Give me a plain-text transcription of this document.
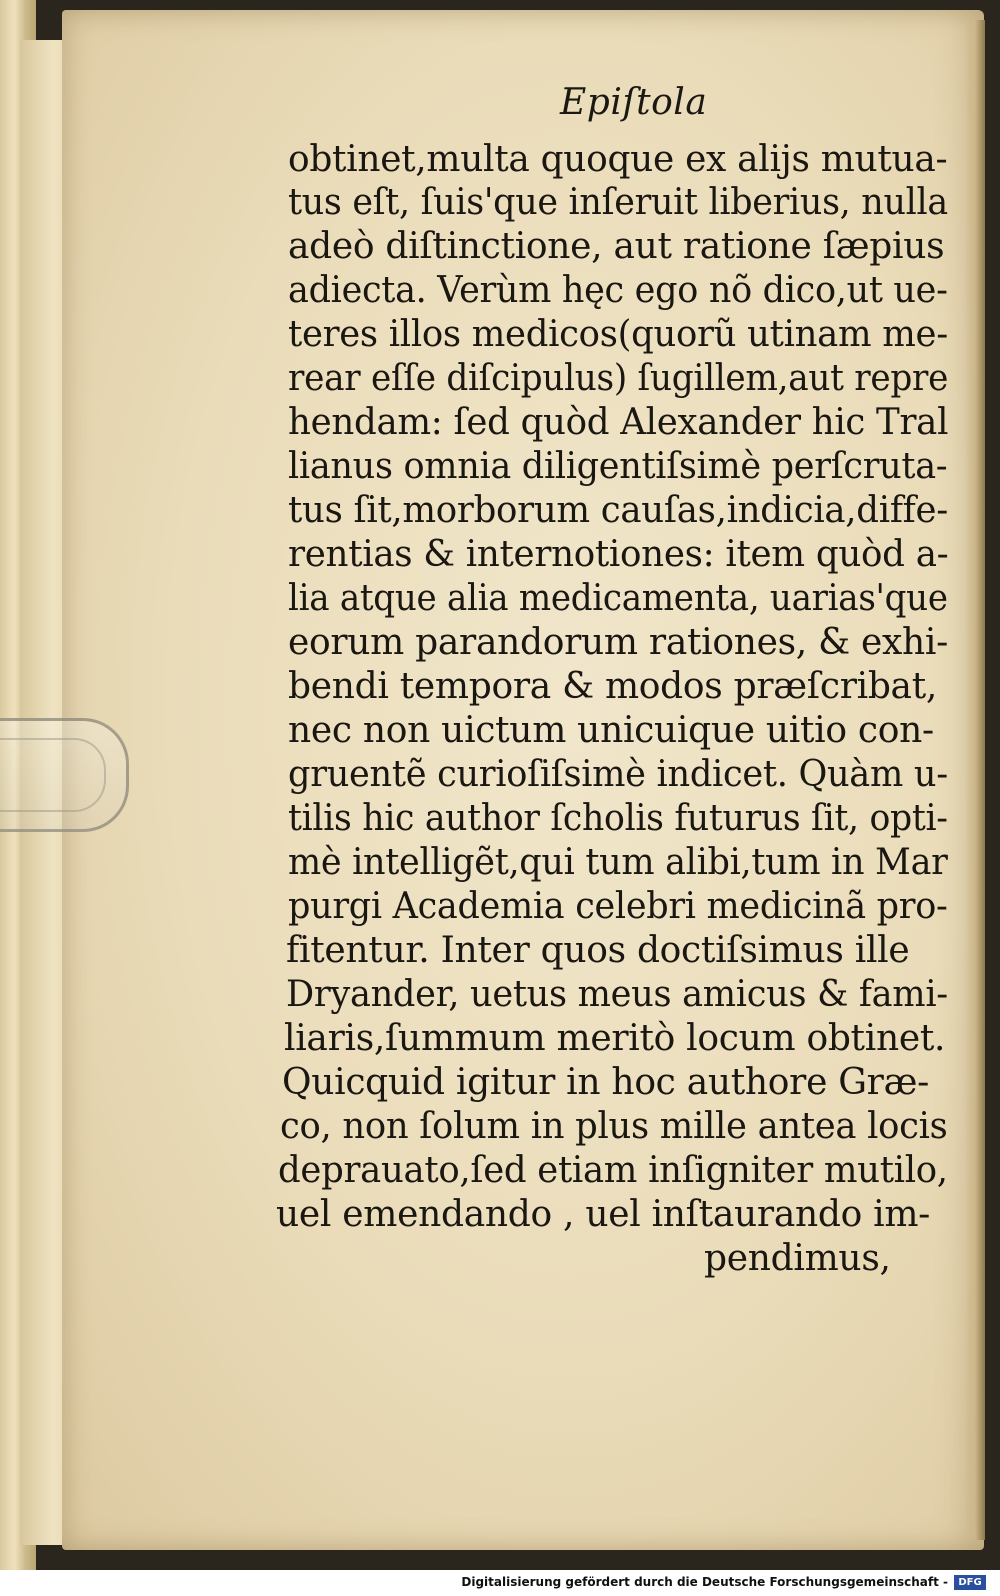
Epiſtola
obtinet,multa quoque ex alijs mutua-
tus eſt, ſuis'que inſeruit liberius, nulla
adeò diſtinctione, aut ratione ſæpius
adiecta. Verùm hęc ego nõ dico,ut ue-
teres illos medicos(quorũ utinam me-
rear eſſe diſcipulus) ſugillem,aut repre
hendam: ſed quòd Alexander hic Tral
lianus omnia diligentiſsimè perſcruta-
tus ſit,morborum cauſas,indicia,diffe-
rentias & internotiones: item quòd a-
lia atque alia medicamenta, uarias'que
eorum parandorum rationes, & exhi-
bendi tempora & modos præſcribat,
nec non uictum unicuique uitio con-
gruentẽ curioſiſsimè indicet. Quàm u-
tilis hic author ſcholis futurus ſit, opti-
mè intelligẽt,qui tum alibi,tum in Mar
purgi Academia celebri medicinã pro-
fitentur. Inter quos doctiſsimus ille
Dryander, uetus meus amicus & fami-
liaris,ſummum meritò locum obtinet.
Quicquid igitur in hoc authore Græ-
co, non ſolum in plus mille antea locis
deprauato,ſed etiam inſigniter mutilo,
uel emendando , uel inſtaurando im-
pendimus,
Digitalisierung gefördert durch die Deutsche Forschungsgemeinschaft -	DFG
